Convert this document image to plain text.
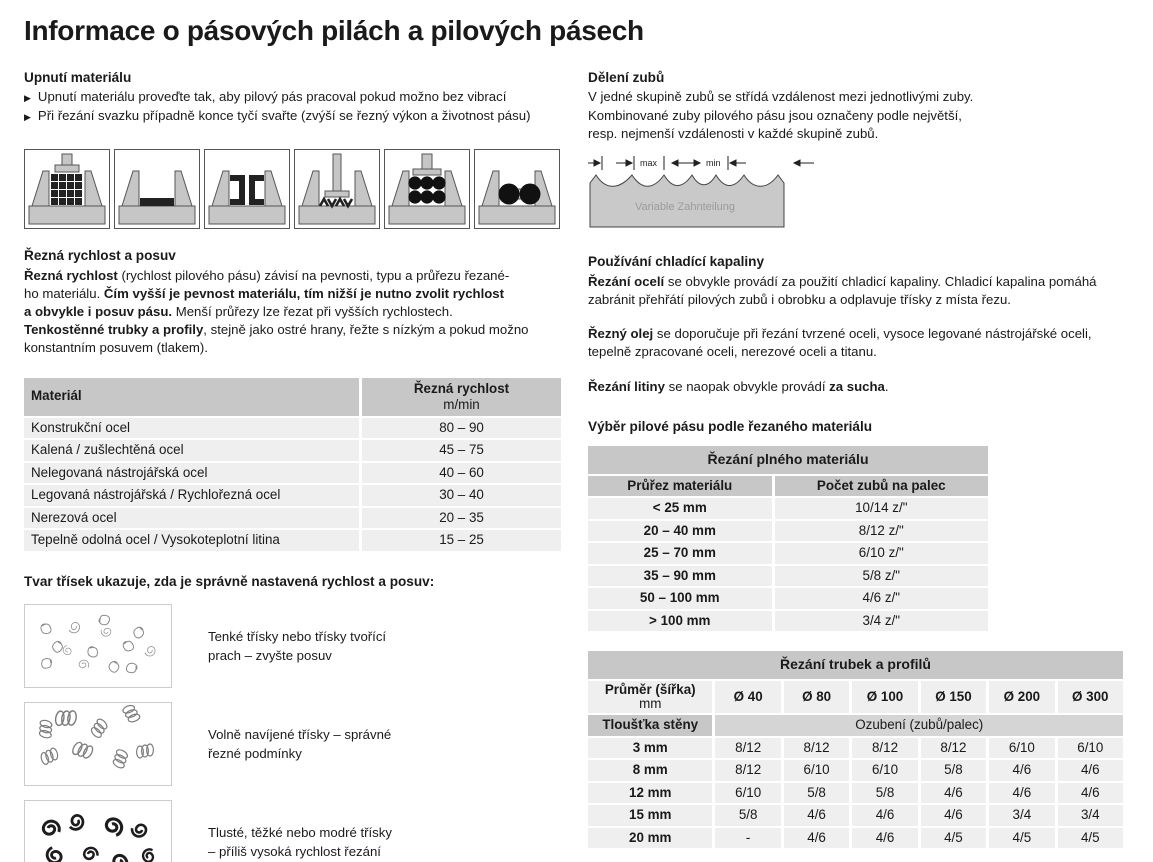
Informace o pásových pilách a pilových pásech
Upnutí materiálu
▶ Upnutí materiálu proveďte tak, aby pilový pás pracoval pokud možno bez vibrací
▶ Při řezání svazku případně konce tyčí svařte (zvýší se řezný výkon a životnost pásu)
Řezná rychlost a posuv

Řezná rychlost (rychlost pilového pásu) závisí na pevnosti, typu a průřezu řezané-
ho materiálu. Čím vyšší je pevnost materiálu, tím nižší je nutno zvolit rychlost
a obvykle i posuv pásu. Menší průřezy lze řezat při vyšších rychlostech.
Tenkostěnné trubky a profily, stejně jako ostré hrany, řežte s nízkým a pokud možno
konstantním posuvem (tlakem).

Materiál	Řezná rychlost
m/min

Konstrukční ocel	80 – 90
Kalená / zušlechtěná ocel	45 – 75
Nelegovaná nástrojářská ocel	40 – 60
Legovaná nástrojářská / Rychlořezná ocel	30 – 40
Nerezová ocel	20 – 35
Tepelně odolná ocel / Vysokoteplotní litina	15 – 25
Tvar třísek ukazuje, zda je správně nastavená rychlost a posuv:
Tenké třísky nebo třísky tvořící
prach – zvyšte posuv
Volně navíjené třísky – správné
řezné podmínky
Tlusté, těžké nebo modré třísky
– příliš vysoká rychlost řezání
Dělení zubů

V jedné skupině zubů se střídá vzdálenost mezi jednotlivými zuby.
Kombinované zuby pilového pásu jsou označeny podle největší,
resp. nejmenší vzdálenosti v každé skupině zubů.

Variable Zahnteilung
max	min
Používání chladící kapaliny

Řezání ocelí se obvykle provádí za použití chladicí kapaliny. Chladicí kapalina pomáhá
zabránit přehřátí pilových zubů i obrobku a odplavuje třísky z místa řezu.

Řezný olej se doporučuje při řezání tvrzené oceli, vysoce legované nástrojářské oceli,
tepelně zpracované oceli, nerezové oceli a titanu.

Řezání litiny se naopak obvykle provádí za sucha.

Výběr pilové pásu podle řezaného materiálu
Řezání plného materiálu	
Průřez materiálu	Počet zubů na palec
< 25 mm	10/14 z/"
20 – 40 mm	8/12 z/"
25 – 70 mm	6/10 z/"
35 – 90 mm	5/8 z/"
50 – 100 mm	4/6 z/"
> 100 mm	3/4 z/"
Řezání trubek a profilů						

Průměr (šířka)
mm	Ø 40	Ø 80	Ø 100	Ø 150	Ø 200	Ø 300
Tloušťka stěny	Ozubení (zubů/palec)					
3 mm	8/12	8/12	8/12	8/12	6/10	6/10
8 mm	8/12	6/10	6/10	5/8	4/6	4/6
12 mm	6/10	5/8	5/8	4/6	4/6	4/6
15 mm	5/8	4/6	4/6	4/6	3/4	3/4
20 mm	-	4/6	4/6	4/5	4/5	4/5
